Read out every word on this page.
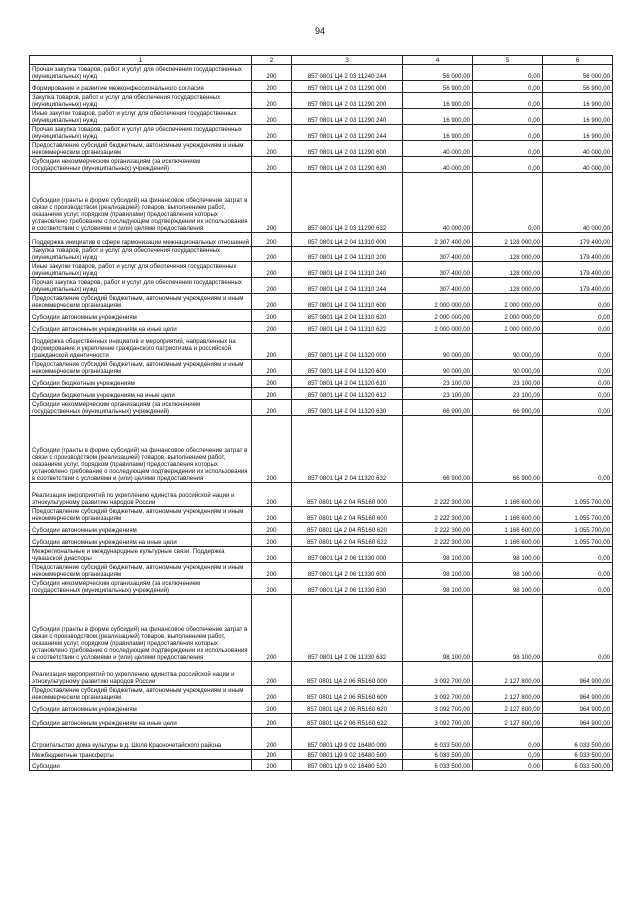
94
1	2	3	4	5	6
Прочая закупка товаров, работ и услуг для обеспечения государственных (муниципальных) нужд	200	857 0801 Ц4 2 03 11240 244	56 000,00	0,00	56 000,00
Формирование и развитие межконфессионального согласия	200	857 0801 Ц4 2 03 11290 000	56 900,00	0,00	56 900,00
Закупка товаров, работ и услуг для обеспечения государственных (муниципальных) нужд	200	857 0801 Ц4 2 03 11290 200	16 900,00	0,00	16 900,00
Иные закупки товаров, работ и услуг для обеспечения государственных (муниципальных) нужд	200	857 0801 Ц4 2 03 11290 240	16 900,00	0,00	16 900,00
Прочая закупка товаров, работ и услуг для обеспечения государственных (муниципальных) нужд	200	857 0801 Ц4 2 03 11290 244	16 900,00	0,00	16 900,00
Предоставление субсидий бюджетным, автономным учреждениям и иным некоммерческим организациям	200	857 0801 Ц4 2 03 11290 600	40 000,00	0,00	40 000,00
Субсидии некоммерческим организациям (за исключением государственных (муниципальных) учреждений)	200	857 0801 Ц4 2 03 11290 630	40 000,00	0,00	40 000,00
Субсидии (гранты в форме субсидий) на финансовое обеспечение затрат в связи с производством (реализацией) товаров, выполнением работ, оказанием услуг, порядком (правилами) предоставления которых установлено требование о последующем подтверждении их использования в соответствии с условиями и (или) целями предоставления	200	857 0801 Ц4 2 03 11290 632	40 000,00	0,00	40 000,00
Поддержка инициатив в сфере гармонизации межнациональных отношений	200	857 0801 Ц4 2 04 11310 000	2 307 400,00	2 128 000,00	179 400,00
Закупка товаров, работ и услуг для обеспечения государственных (муниципальных) нужд	200	857 0801 Ц4 2 04 11310 200	307 400,00	128 000,00	179 400,00
Иные закупки товаров, работ и услуг для обеспечения государственных (муниципальных) нужд	200	857 0801 Ц4 2 04 11310 240	307 400,00	128 000,00	179 400,00
Прочая закупка товаров, работ и услуг для обеспечения государственных (муниципальных) нужд	200	857 0801 Ц4 2 04 11310 244	307 400,00	128 000,00	179 400,00
Предоставление субсидий бюджетным, автономным учреждениям и иным некоммерческим организациям	200	857 0801 Ц4 2 04 11310 600	2 000 000,00	2 000 000,00	0,00
Субсидии автономным учреждениям	200	857 0801 Ц4 2 04 11310 620	2 000 000,00	2 000 000,00	0,00
Субсидии автономным учреждениям на иные цели	200	857 0801 Ц4 2 04 11310 622	2 000 000,00	2 000 000,00	0,00
Поддержка общественных инициатив и мероприятий, направленных на формирование и укрепление гражданского патриотизма и российской гражданской идентичности	200	857 0801 Ц4 2 04 11320 000	90 000,00	90 000,00	0,00
Предоставление субсидий бюджетным, автономным учреждениям и иным некоммерческим организациям	200	857 0801 Ц4 2 04 11320 600	90 000,00	90 000,00	0,00
Субсидии бюджетным учреждениям	200	857 0801 Ц4 2 04 11320 610	23 100,00	23 100,00	0,00
Субсидии бюджетным учреждениям на иные цели	200	857 0801 Ц4 2 04 11320 612	23 100,00	23 100,00	0,00
Субсидии некоммерческим организациям (за исключением государственных (муниципальных) учреждений)	200	857 0801 Ц4 2 04 11320 630	66 900,00	66 900,00	0,00
Субсидии (гранты в форме субсидий) на финансовое обеспечение затрат в связи с производством (реализацией) товаров, выполнением работ, оказанием услуг, порядком (правилами) предоставления которых установлено требование о последующем подтверждении их использования в соответствии с условиями и (или) целями предоставления	200	857 0801 Ц4 2 04 11320 632	66 900,00	66 900,00	0,00
Реализация мероприятий по укреплению единства российской нации и этнокультурному развитию народов России	200	857 0801 Ц4 2 04 R5160 000	2 222 300,00	1 166 600,00	1 055 700,00
Предоставление субсидий бюджетным, автономным учреждениям и иным некоммерческим организациям	200	857 0801 Ц4 2 04 R5160 600	2 222 300,00	1 166 600,00	1 055 700,00
Субсидии автономным учреждениям	200	857 0801 Ц4 2 04 R5160 620	2 222 300,00	1 166 600,00	1 055 700,00
Субсидии автономным учреждениям на иные цели	200	857 0801 Ц4 2 04 R5160 622	2 222 300,00	1 166 600,00	1 055 700,00
Межрегиональные и международные культурные связи. Поддержка чувашской диаспоры	200	857 0801 Ц4 2 06 11330 000	98 100,00	98 100,00	0,00
Предоставление субсидий бюджетным, автономным учреждениям и иным некоммерческим организациям	200	857 0801 Ц4 2 06 11330 600	98 100,00	98 100,00	0,00
Субсидии некоммерческим организациям (за исключением государственных (муниципальных) учреждений)	200	857 0801 Ц4 2 06 11330 630	98 100,00	98 100,00	0,00
Субсидии (гранты в форме субсидий) на финансовое обеспечение затрат в связи с производством (реализацией) товаров, выполнением работ, оказанием услуг, порядком (правилами) предоставления которых установлено требование о последующем подтверждении их использования в соответствии с условиями и (или) целями предоставления	200	857 0801 Ц4 2 06 11330 632	98 100,00	98 100,00	0,00
Реализация мероприятий по укреплению единства российской нации и этнокультурному развитию народов России	200	857 0801 Ц4 2 06 R5160 000	3 092 700,00	2 127 800,00	964 900,00
Предоставление субсидий бюджетным, автономным учреждениям и иным некоммерческим организациям	200	857 0801 Ц4 2 06 R5160 600	3 092 700,00	2 127 800,00	964 900,00
Субсидии автономным учреждениям	200	857 0801 Ц4 2 06 R5160 620	3 092 700,00	2 127 800,00	964 900,00
Субсидии автономным учреждениям на иные цели	200	857 0801 Ц4 2 06 R5160 622	3 092 700,00	2 127 800,00	964 900,00
Строительство дома культуры в д. Шоля Красночетайского района	200	857 0801 Ц9 9 02 16480 000	6 033 500,00	0,00	6 033 500,00
Межбюджетные трансферты	200	857 0801 Ц9 9 02 16480 500	6 033 500,00	0,00	6 033 500,00
Субсидии	200	857 0801 Ц9 9 02 16480 520	6 033 500,00	0,00	6 033 500,00
